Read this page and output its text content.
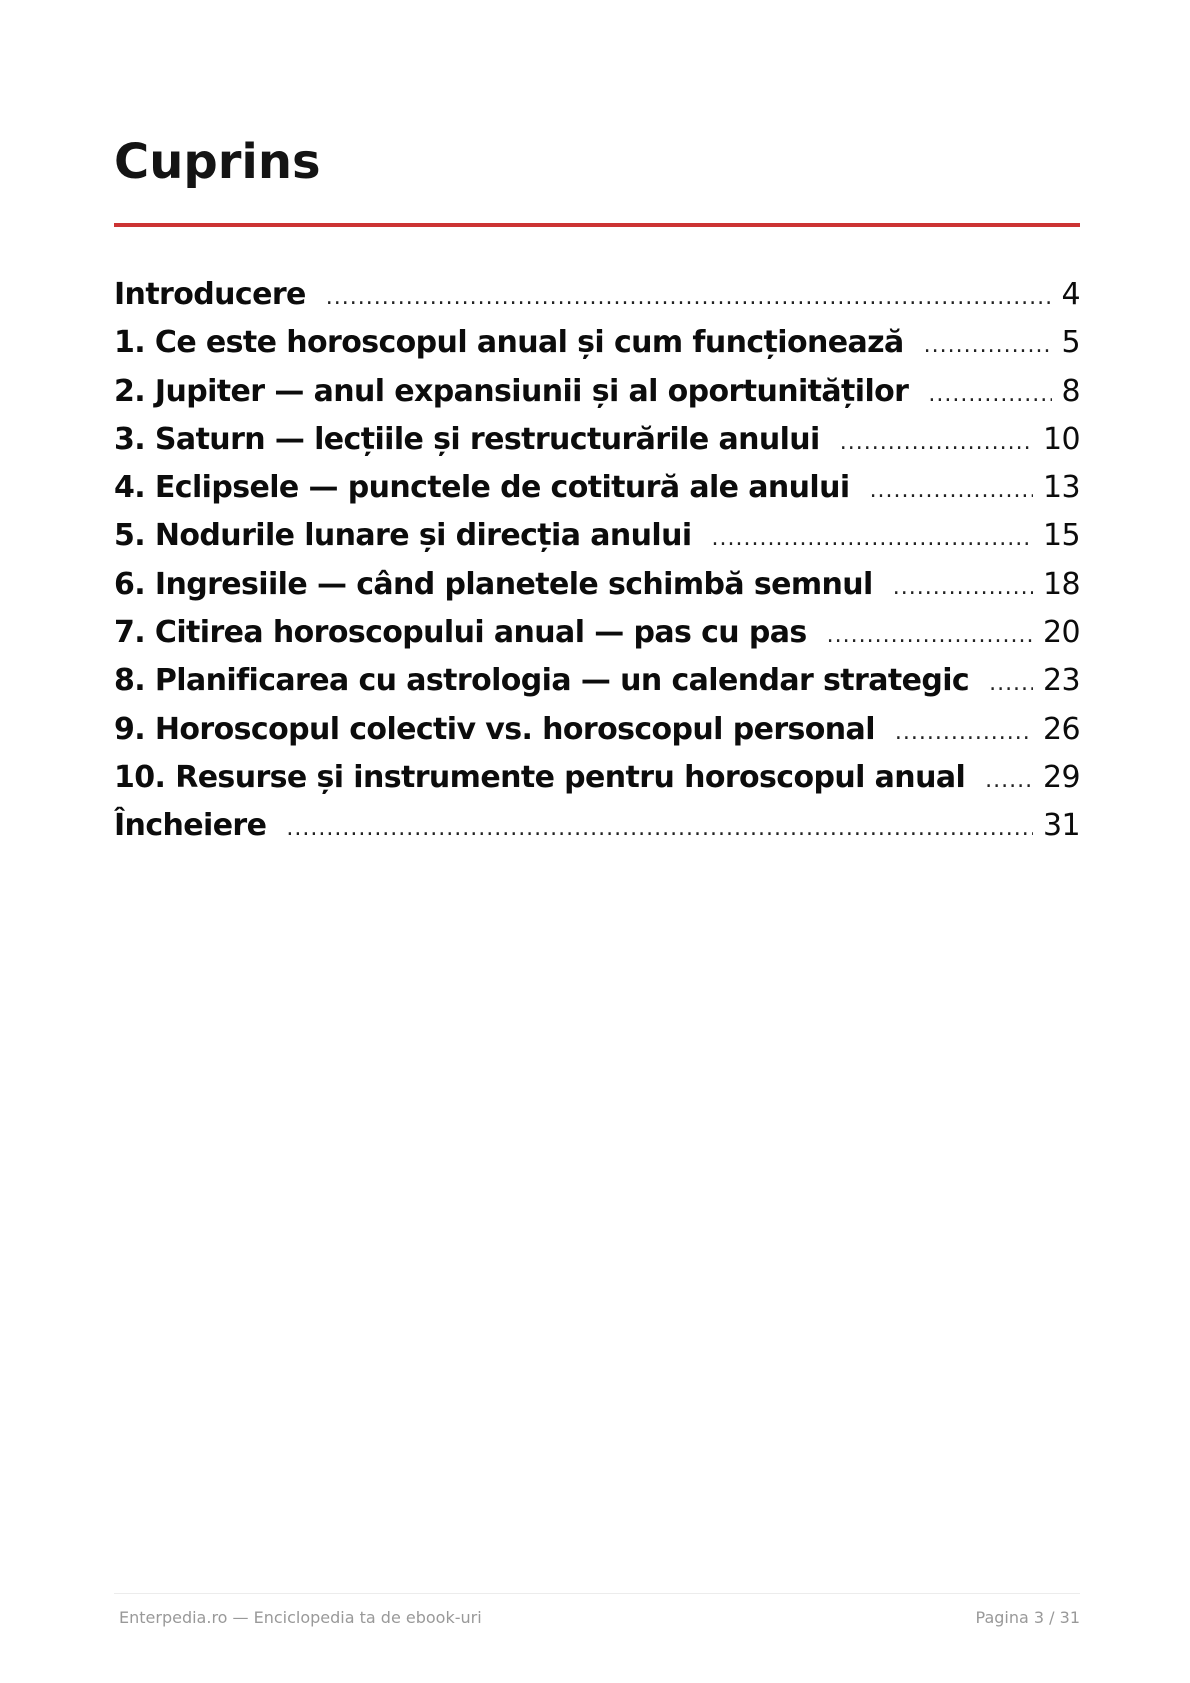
Cuprins
Introducere .....	4
1. Ce este horoscopul anual și cum funcționează .....	5
2. Jupiter — anul expansiunii și al oportunităților .....	8
3. Saturn — lecțiile și restructurările anului .....	10
4. Eclipsele — punctele de cotitură ale anului .....	13
5. Nodurile lunare și direcția anului .....	15
6. Ingresiile — când planetele schimbă semnul .....	18
7. Citirea horoscopului anual — pas cu pas .....	20
8. Planificarea cu astrologia — un calendar strategic ..... 23
9. Horoscopul colectiv vs. horoscopul personal .....	26
10. Resurse și instrumente pentru horoscopul anual .....	29
Încheiere .....	31
Enterpedia.ro — Enciclopedia ta de ebook-uri	Pagina 3 / 31
